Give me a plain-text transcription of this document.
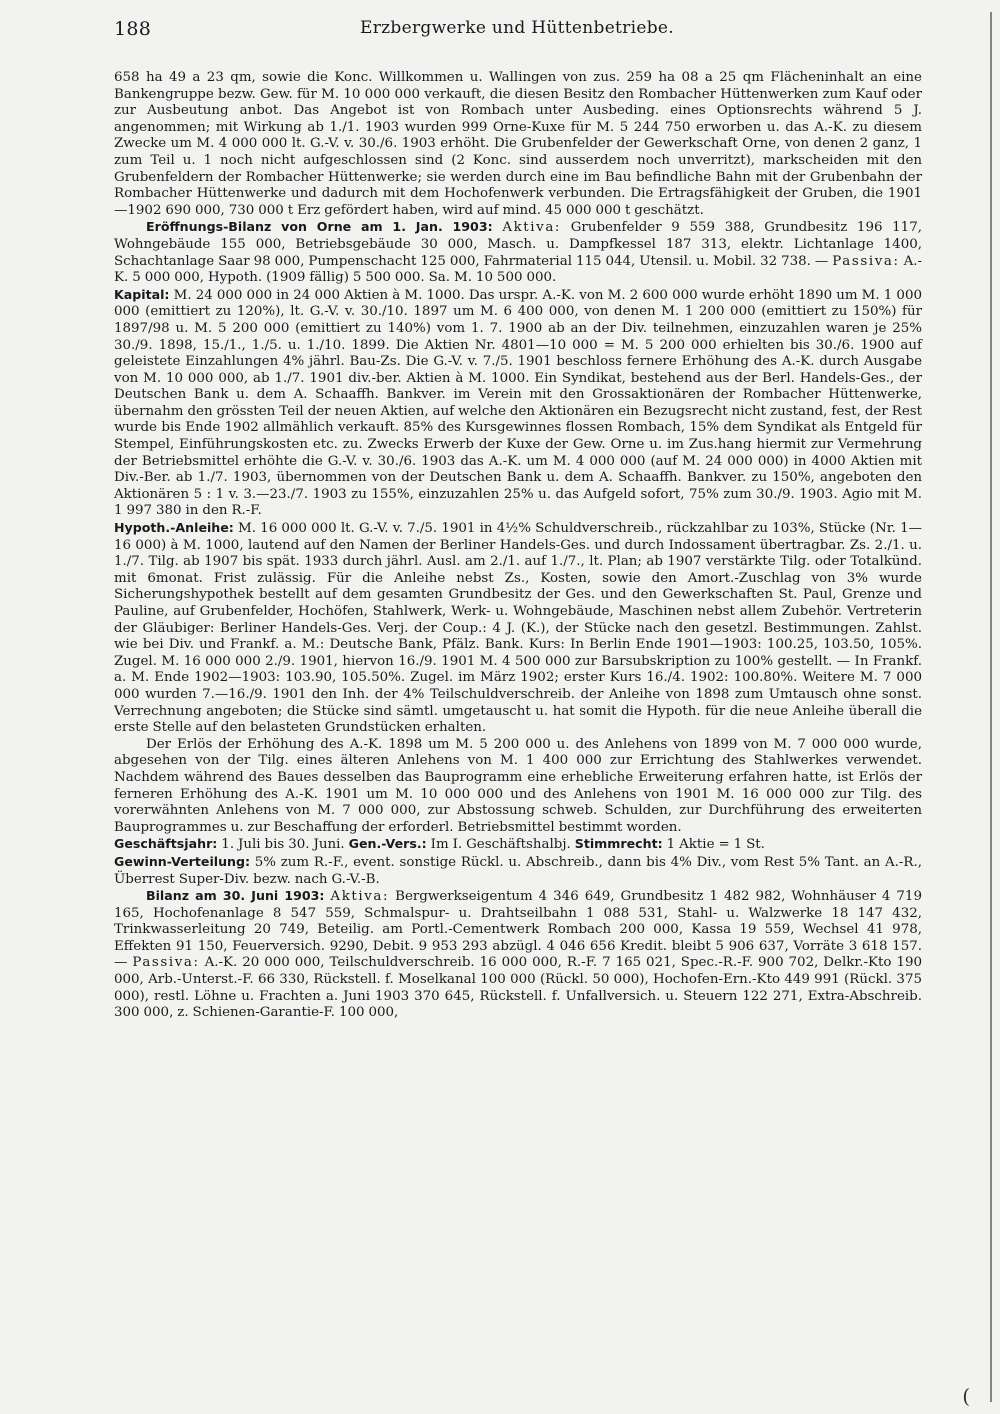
188	Erzbergwerke und Hüttenbetriebe.

658 ha 49 a 23 qm, sowie die Konc. Willkommen u. Wallingen von zus. 259 ha 08 a 25 qm Flächeninhalt an eine Bankengruppe bezw. Gew. für M. 10 000 000 verkauft, die diesen Besitz den Rombacher Hüttenwerken zum Kauf oder zur Ausbeutung anbot. Das Angebot ist von Rombach unter Ausbeding. eines Optionsrechts während 5 J. angenommen; mit Wirkung ab 1./1. 1903 wurden 999 Orne-Kuxe für M. 5 244 750 erworben u. das A.-K. zu diesem Zwecke um M. 4 000 000 lt. G.-V. v. 30./6. 1903 erhöht. Die Grubenfelder der Gewerkschaft Orne, von denen 2 ganz, 1 zum Teil u. 1 noch nicht aufgeschlossen sind (2 Konc. sind ausserdem noch unverritzt), markscheiden mit den Grubenfeldern der Rombacher Hüttenwerke; sie werden durch eine im Bau befindliche Bahn mit der Grubenbahn der Rombacher Hüttenwerke und dadurch mit dem Hochofenwerk verbunden. Die Ertragsfähigkeit der Gruben, die 1901—1902 690 000, 730 000 t Erz gefördert haben, wird auf mind. 45 000 000 t geschätzt.

Eröffnungs-Bilanz von Orne am 1. Jan. 1903: Aktiva: Grubenfelder 9 559 388, Grundbesitz 196 117, Wohngebäude 155 000, Betriebsgebäude 30 000, Masch. u. Dampfkessel 187 313, elektr. Lichtanlage 1400, Schachtanlage Saar 98 000, Pumpenschacht 125 000, Fahrmaterial 115 044, Utensil. u. Mobil. 32 738. — Passiva: A.-K. 5 000 000, Hypoth. (1909 fällig) 5 500 000. Sa. M. 10 500 000.

Kapital: M. 24 000 000 in 24 000 Aktien à M. 1000. Das urspr. A.-K. von M. 2 600 000 wurde erhöht 1890 um M. 1 000 000 (emittiert zu 120%), lt. G.-V. v. 30./10. 1897 um M. 6 400 000, von denen M. 1 200 000 (emittiert zu 150%) für 1897/98 u. M. 5 200 000 (emittiert zu 140%) vom 1. 7. 1900 ab an der Div. teilnehmen, einzuzahlen waren je 25% 30./9. 1898, 15./1., 1./5. u. 1./10. 1899. Die Aktien Nr. 4801—10 000 = M. 5 200 000 erhielten bis 30./6. 1900 auf geleistete Einzahlungen 4% jährl. Bau-Zs. Die G.-V. v. 7./5. 1901 beschloss fernere Erhöhung des A.-K. durch Ausgabe von M. 10 000 000, ab 1./7. 1901 div.-ber. Aktien à M. 1000. Ein Syndikat, bestehend aus der Berl. Handels-Ges., der Deutschen Bank u. dem A. Schaaffh. Bankver. im Verein mit den Grossaktionären der Rombacher Hüttenwerke, übernahm den grössten Teil der neuen Aktien, auf welche den Aktionären ein Bezugsrecht nicht zustand, fest, der Rest wurde bis Ende 1902 allmählich verkauft. 85% des Kursgewinnes flossen Rombach, 15% dem Syndikat als Entgeld für Stempel, Einführungskosten etc. zu. Zwecks Erwerb der Kuxe der Gew. Orne u. im Zus.hang hiermit zur Vermehrung der Betriebsmittel erhöhte die G.-V. v. 30./6. 1903 das A.-K. um M. 4 000 000 (auf M. 24 000 000) in 4000 Aktien mit Div.-Ber. ab 1./7. 1903, übernommen von der Deutschen Bank u. dem A. Schaaffh. Bankver. zu 150%, angeboten den Aktionären 5 : 1 v. 3.—23./7. 1903 zu 155%, einzuzahlen 25% u. das Aufgeld sofort, 75% zum 30./9. 1903. Agio mit M. 1 997 380 in den R.-F.

Hypoth.-Anleihe: M. 16 000 000 lt. G.-V. v. 7./5. 1901 in 4½% Schuldverschreib., rückzahlbar zu 103%, Stücke (Nr. 1—16 000) à M. 1000, lautend auf den Namen der Berliner Handels-Ges. und durch Indossament übertragbar. Zs. 2./1. u. 1./7. Tilg. ab 1907 bis spät. 1933 durch jährl. Ausl. am 2./1. auf 1./7., lt. Plan; ab 1907 verstärkte Tilg. oder Totalkünd. mit 6monat. Frist zulässig. Für die Anleihe nebst Zs., Kosten, sowie den Amort.-Zuschlag von 3% wurde Sicherungshypothek bestellt auf dem gesamten Grundbesitz der Ges. und den Gewerkschaften St. Paul, Grenze und Pauline, auf Grubenfelder, Hochöfen, Stahlwerk, Werk- u. Wohngebäude, Maschinen nebst allem Zubehör. Vertreterin der Gläubiger: Berliner Handels-Ges. Verj. der Coup.: 4 J. (K.), der Stücke nach den gesetzl. Bestimmungen. Zahlst. wie bei Div. und Frankf. a. M.: Deutsche Bank, Pfälz. Bank. Kurs: In Berlin Ende 1901—1903: 100.25, 103.50, 105%. Zugel. M. 16 000 000 2./9. 1901, hiervon 16./9. 1901 M. 4 500 000 zur Barsubskription zu 100% gestellt. — In Frankf. a. M. Ende 1902—1903: 103.90, 105.50%. Zugel. im März 1902; erster Kurs 16./4. 1902: 100.80%. Weitere M. 7 000 000 wurden 7.—16./9. 1901 den Inh. der 4% Teilschuldverschreib. der Anleihe von 1898 zum Umtausch ohne sonst. Verrechnung angeboten; die Stücke sind sämtl. umgetauscht u. hat somit die Hypoth. für die neue Anleihe überall die erste Stelle auf den belasteten Grundstücken erhalten.

Der Erlös der Erhöhung des A.-K. 1898 um M. 5 200 000 u. des Anlehens von 1899 von M. 7 000 000 wurde, abgesehen von der Tilg. eines älteren Anlehens von M. 1 400 000 zur Errichtung des Stahlwerkes verwendet. Nachdem während des Baues desselben das Bauprogramm eine erhebliche Erweiterung erfahren hatte, ist Erlös der ferneren Erhöhung des A.-K. 1901 um M. 10 000 000 und des Anlehens von 1901 M. 16 000 000 zur Tilg. des vorerwähnten Anlehens von M. 7 000 000, zur Abstossung schweb. Schulden, zur Durchführung des erweiterten Bauprogrammes u. zur Beschaffung der erforderl. Betriebsmittel bestimmt worden.

Geschäftsjahr: 1. Juli bis 30. Juni. Gen.-Vers.: Im I. Geschäftshalbj. Stimmrecht: 1 Aktie = 1 St.

Gewinn-Verteilung: 5% zum R.-F., event. sonstige Rückl. u. Abschreib., dann bis 4% Div., vom Rest 5% Tant. an A.-R., Überrest Super-Div. bezw. nach G.-V.-B.

Bilanz am 30. Juni 1903: Aktiva: Bergwerkseigentum 4 346 649, Grundbesitz 1 482 982, Wohnhäuser 4 719 165, Hochofenanlage 8 547 559, Schmalspur- u. Drahtseilbahn 1 088 531, Stahl- u. Walzwerke 18 147 432, Trinkwasserleitung 20 749, Beteilig. am Portl.-Cementwerk Rombach 200 000, Kassa 19 559, Wechsel 41 978, Effekten 91 150, Feuerversich. 9290, Debit. 9 953 293 abzügl. 4 046 656 Kredit. bleibt 5 906 637, Vorräte 3 618 157. — Passiva: A.-K. 20 000 000, Teilschuldverschreib. 16 000 000, R.-F. 7 165 021, Spec.-R.-F. 900 702, Delkr.-Kto 190 000, Arb.-Unterst.-F. 66 330, Rückstell. f. Moselkanal 100 000 (Rückl. 50 000), Hochofen-Ern.-Kto 449 991 (Rückl. 375 000), restl. Löhne u. Frachten a. Juni 1903 370 645, Rückstell. f. Unfallversich. u. Steuern 122 271, Extra-Abschreib. 300 000, z. Schienen-Garantie-F. 100 000,

(
